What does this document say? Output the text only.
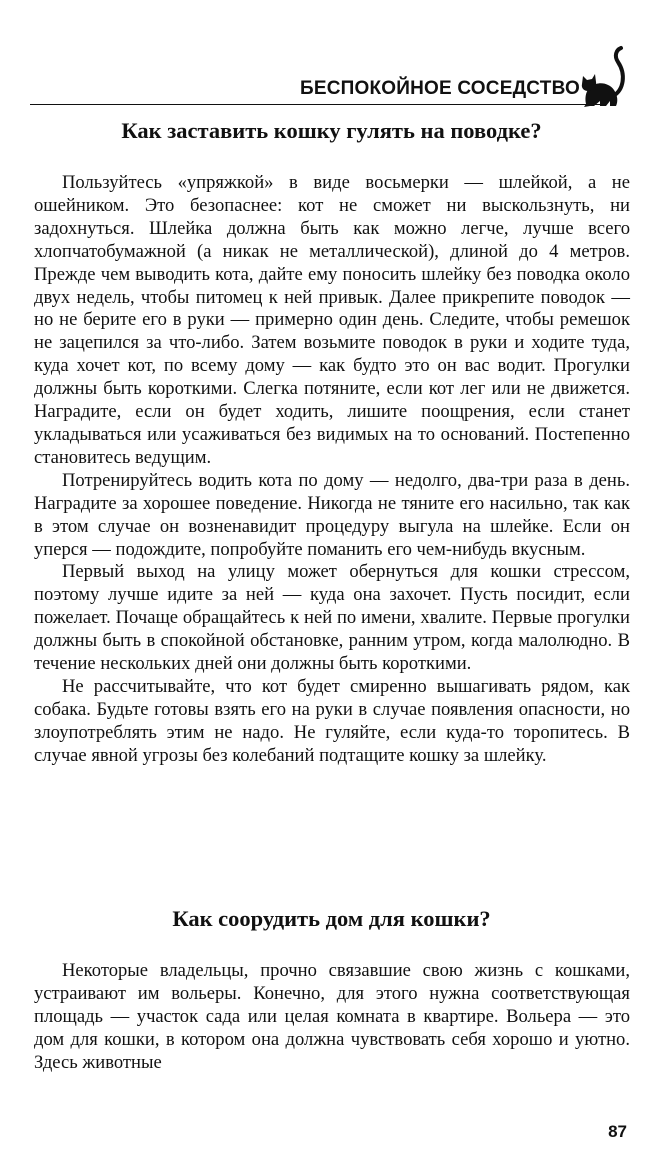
БЕСПОКОЙНОЕ СОСЕДСТВО
Как заставить кошку гулять на поводке?

Пользуйтесь «упряжкой» в виде восьмерки — шлейкой, а не ошейником. Это безопаснее: кот не сможет ни выскользнуть, ни задохнуться. Шлейка должна быть как можно легче, лучше всего хлопчатобумажной (а никак не металлической), длиной до 4 метров. Прежде чем выводить кота, дайте ему поносить шлейку без поводка около двух недель, чтобы питомец к ней привык. Далее прикрепите поводок — но не берите его в руки — примерно один день. Следите, чтобы ремешок не зацепился за что-либо. Затем возьмите поводок в руки и ходите туда, куда хочет кот, по всему дому — как будто это он вас водит. Прогулки должны быть короткими. Слегка потяните, если кот лег или не движется. Наградите, если он будет ходить, лишите поощрения, если станет укладываться или усаживаться без видимых на то оснований. Постепенно становитесь ведущим.

Потренируйтесь водить кота по дому — недолго, два-три раза в день. Наградите за хорошее поведение. Никогда не тяните его насильно, так как в этом случае он возненавидит процедуру выгула на шлейке. Если он уперся — подождите, попробуйте поманить его чем-нибудь вкусным.

Первый выход на улицу может обернуться для кошки стрессом, поэтому лучше идите за ней — куда она захочет. Пусть посидит, если пожелает. Почаще обращайтесь к ней по имени, хвалите. Первые прогулки должны быть в спокойной обстановке, ранним утром, когда малолюдно. В течение нескольких дней они должны быть короткими.

Не рассчитывайте, что кот будет смиренно вышагивать рядом, как собака. Будьте готовы взять его на руки в случае появления опасности, но злоупотреблять этим не надо. Не гуляйте, если куда-то торопитесь. В случае явной угрозы без колебаний подтащите кошку за шлейку.

Как соорудить дом для кошки?

Некоторые владельцы, прочно связавшие свою жизнь с кошками, устраивают им вольеры. Конечно, для этого нужна соответствующая площадь — участок сада или целая комната в квартире. Вольера — это дом для кошки, в котором она должна чувствовать себя хорошо и уютно. Здесь животные

87
